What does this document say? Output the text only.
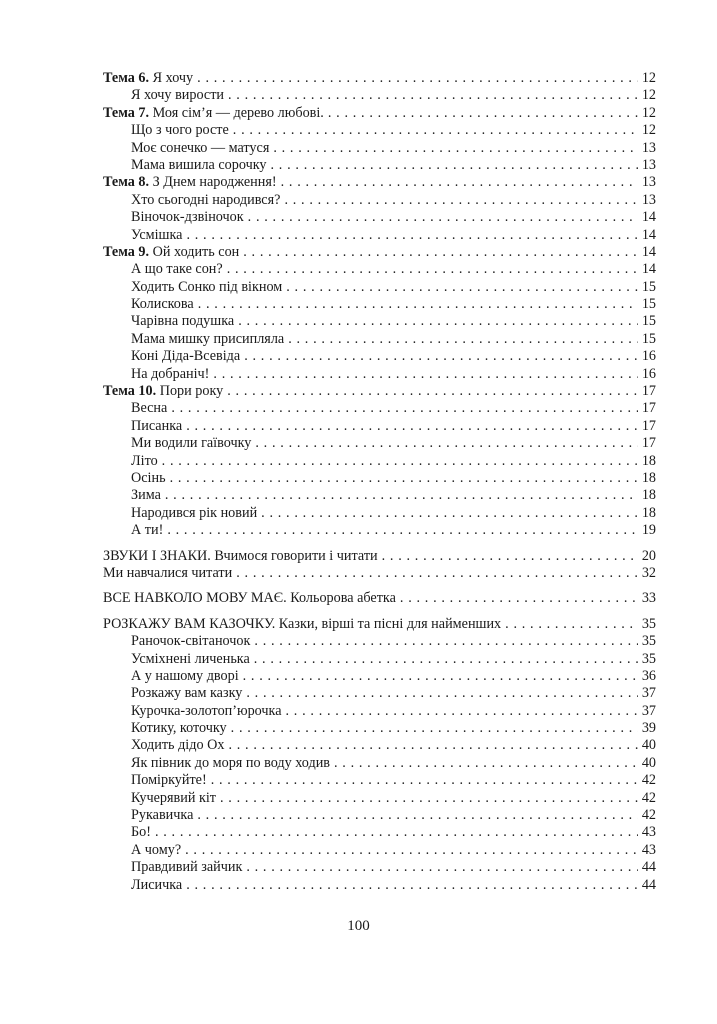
Тема 6. Я хочу . . .	12
Я хочу вирости . . .	12
Тема 7. Моя сім’я — дерево любові. . . .	12
Що з чого росте . . .	12
Моє сонечко — матуся . . .	13
Мама вишила сорочку . . .	13
Тема 8. З Днем народження! . . .	13
Хто сьогодні народився? . . .	13
Віночок-дзвіночок . . .	14
Усмішка . . .	14
Тема 9. Ой ходить сон . . .	14
А що таке сон? . . .	14
Ходить Сонко під вікном . . .	15
Колискова . . .	15
Чарівна подушка . . .	15
Мама мишку присипляла . . .	15
Коні Діда-Всевіда . . .	16
На добраніч! . . .	16
Тема 10. Пори року . . .	17
Весна . . .	17
Писанка . . .	17
Ми водили гаївочку . . .	17
Літо . . .	18
Осінь . . .	18
Зима . . .	18
Народився рік новий . . .	18
А ти! . . .	19
ЗВУКИ І ЗНАКИ. Вчимося говорити і читати . . .	20
Ми навчалися читати . . .	32
ВСЕ НАВКОЛО МОВУ МАЄ. Кольорова абетка . . .	33
РОЗКАЖУ ВАМ КАЗОЧКУ. Казки, вірші та пісні для найменших . . .	35
Раночок-світаночок . . .	35
Усміхнені личенька . . .	35
А у нашому дворі . . .	36
Розкажу вам казку . . .	37
Курочка-золотоп’юрочка . . .	37
Котику, коточку . . .	39
Ходить дідо Ох . . .	40
Як півник до моря по воду ходив . . .	40
Поміркуйте! . . .	42
Кучерявий кіт . . .	42
Рукавичка . . .	42
Бо! . . .	43
А чому? . . .	43
Правдивий зайчик . . .	44
Лисичка . . .	44
100
